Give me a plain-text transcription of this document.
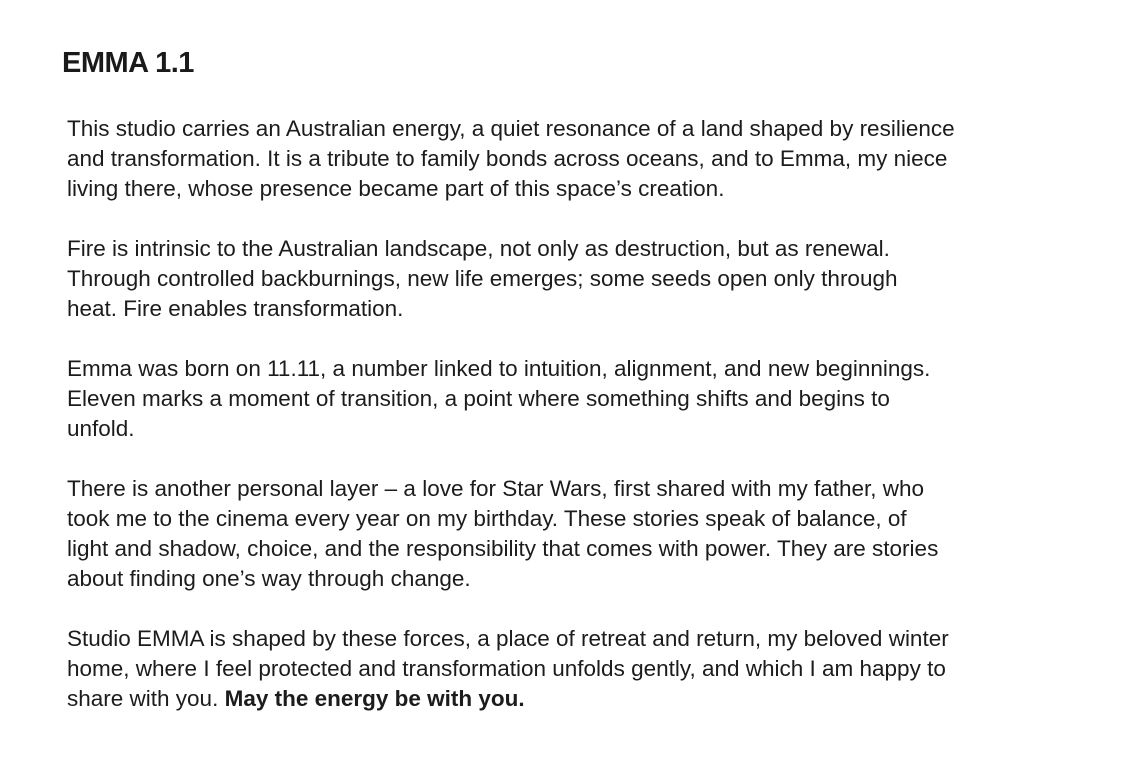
EMMA 1.1

This studio carries an Australian energy, a quiet resonance of a land shaped by resilience
and transformation. It is a tribute to family bonds across oceans, and to Emma, my niece
living there, whose presence became part of this space’s creation.

Fire is intrinsic to the Australian landscape, not only as destruction, but as renewal.
Through controlled backburnings, new life emerges; some seeds open only through
heat. Fire enables transformation.

Emma was born on 11.11, a number linked to intuition, alignment, and new beginnings.
Eleven marks a moment of transition, a point where something shifts and begins to
unfold.

There is another personal layer – a love for Star Wars, first shared with my father, who
took me to the cinema every year on my birthday. These stories speak of balance, of
light and shadow, choice, and the responsibility that comes with power. They are stories
about finding one’s way through change.

Studio EMMA is shaped by these forces, a place of retreat and return, my beloved winter
home, where I feel protected and transformation unfolds gently, and which I am happy to
share with you. May the energy be with you.
